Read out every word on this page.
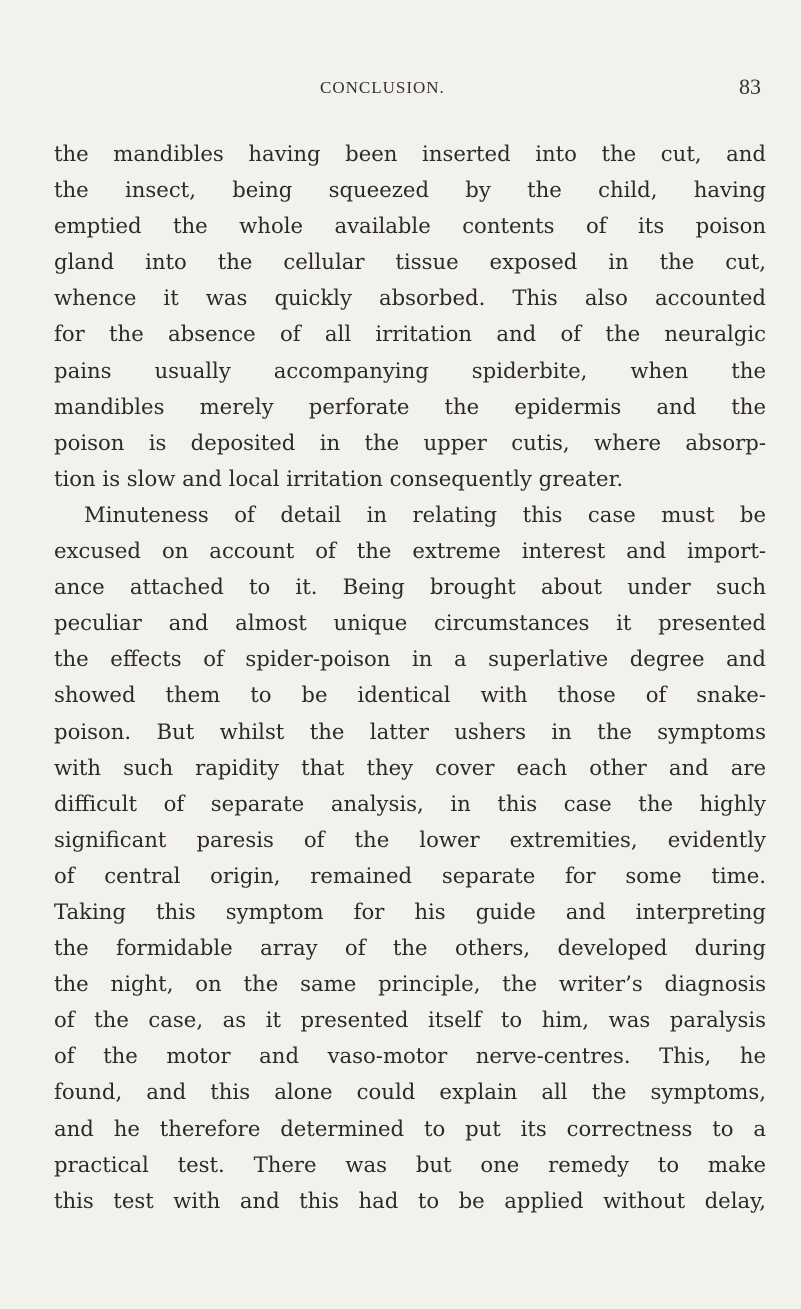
CONCLUSION.	83
the mandibles having been inserted into the cut, and
the insect, being squeezed by the child, having
emptied the whole available contents of its poison
gland into the cellular tissue exposed in the cut,
whence it was quickly absorbed. This also accounted
for the absence of all irritation and of the neuralgic
pains usually accompanying spiderbite, when the
mandibles merely perforate the epidermis and the
poison is deposited in the upper cutis, where absorp-
tion is slow and local irritation consequently greater.
Minuteness of detail in relating this case must be
excused on account of the extreme interest and import-
ance attached to it. Being brought about under such
peculiar and almost unique circumstances it presented
the effects of spider-poison in a superlative degree and
showed them to be identical with those of snake-
poison. But whilst the latter ushers in the symptoms
with such rapidity that they cover each other and are
difficult of separate analysis, in this case the highly
significant paresis of the lower extremities, evidently
of central origin, remained separate for some time.
Taking this symptom for his guide and interpreting
the formidable array of the others, developed during
the night, on the same principle, the writer’s diagnosis
of the case, as it presented itself to him, was paralysis
of the motor and vaso-motor nerve-centres. This, he
found, and this alone could explain all the symptoms,
and he therefore determined to put its correctness to a
practical test. There was but one remedy to make
this test with and this had to be applied without delay,
